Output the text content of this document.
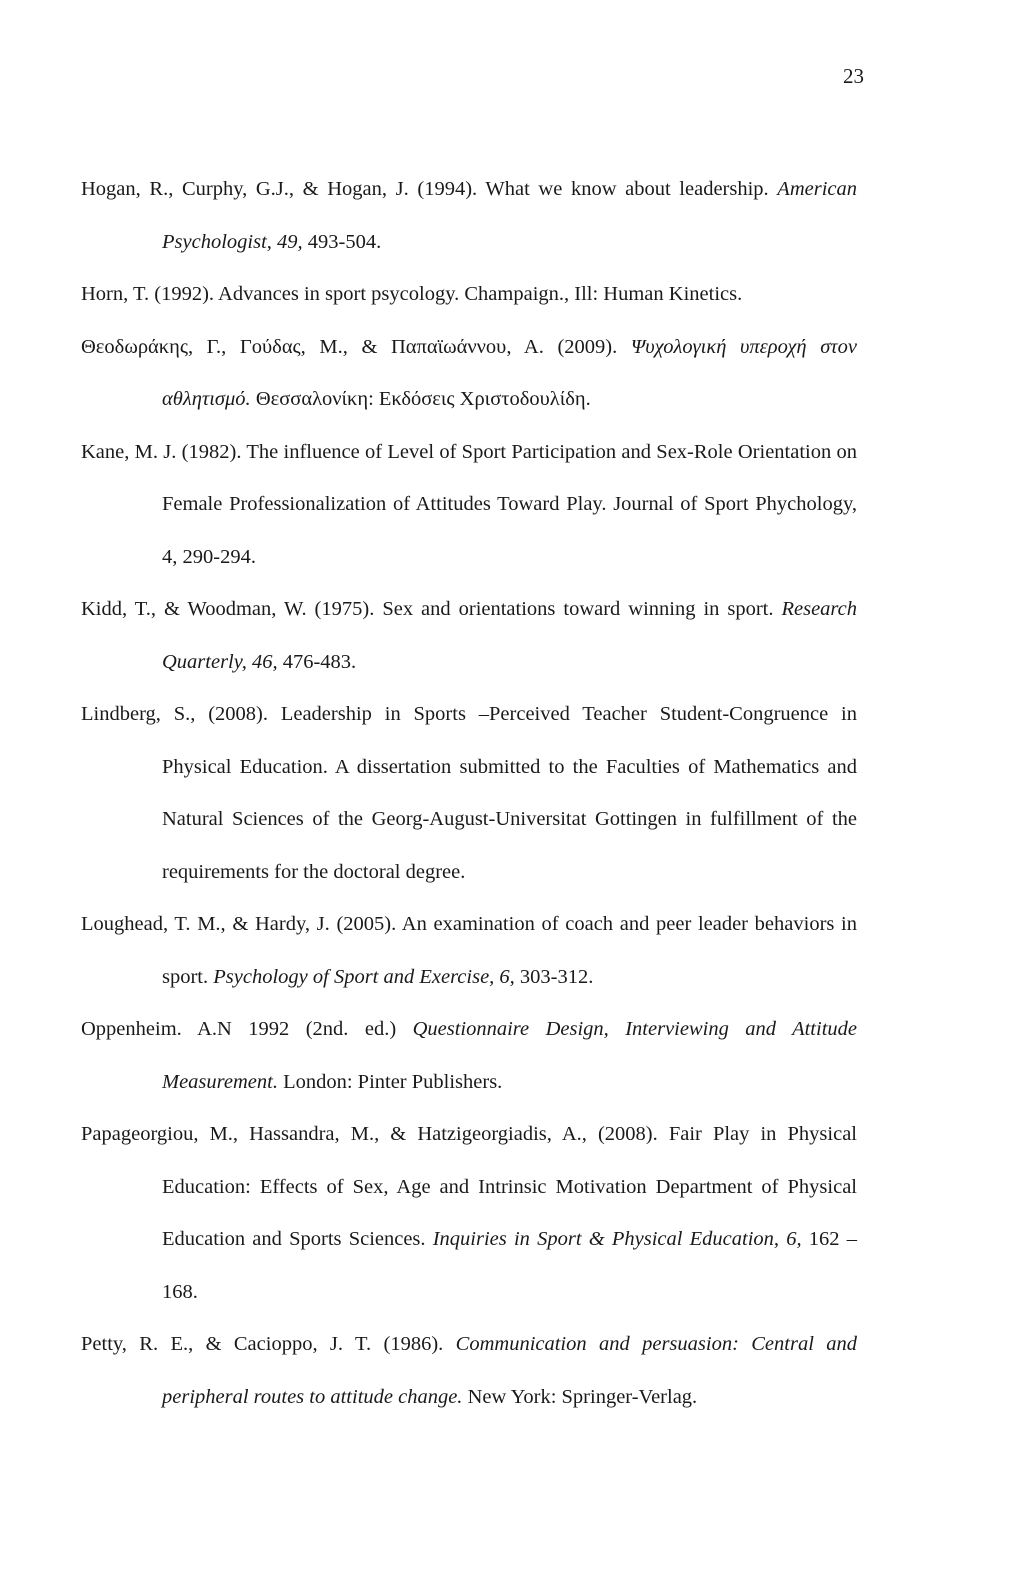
23

Hogan, R., Curphy, G.J., & Hogan, J. (1994). What we know about leadership. American Psychologist, 49, 493-504.

Horn, T. (1992). Advances in sport psycology. Champaign., Ill: Human Kinetics.

Θεοδωράκης, Γ., Γούδας, Μ., & Παπαϊωάννου, Α. (2009). Ψυχολογική υπεροχή στον αθλητισμό. Θεσσαλονίκη: Εκδόσεις Χριστοδουλίδη.

Kane, M. J. (1982). The influence of Level of Sport Participation and Sex-Role Orientation on Female Professionalization of Attitudes Toward Play. Journal of Sport Phychology, 4, 290-294.

Kidd, T., & Woodman, W. (1975). Sex and orientations toward winning in sport. Research Quarterly, 46, 476-483.

Lindberg, S., (2008). Leadership in Sports –Perceived Teacher Student-Congruence in Physical Education. A dissertation submitted to the Faculties of Mathematics and Natural Sciences of the Georg-August-Universitat Gottingen in fulfillment of the requirements for the doctoral degree.

Loughead, T. M., & Hardy, J. (2005). An examination of coach and peer leader behaviors in sport. Psychology of Sport and Exercise, 6, 303-312.

Oppenheim. A.N 1992 (2nd. ed.) Questionnaire Design, Interviewing and Attitude Measurement. London: Pinter Publishers.

Papageorgiou, M., Hassandra, M., & Hatzigeorgiadis, A., (2008). Fair Play in Physical Education: Effects of Sex, Age and Intrinsic Motivation Department of Physical Education and Sports Sciences. Inquiries in Sport & Physical Education, 6, 162 – 168.

Petty, R. E., & Cacioppo, J. T. (1986). Communication and persuasion: Central and peripheral routes to attitude change. New York: Springer-Verlag.
